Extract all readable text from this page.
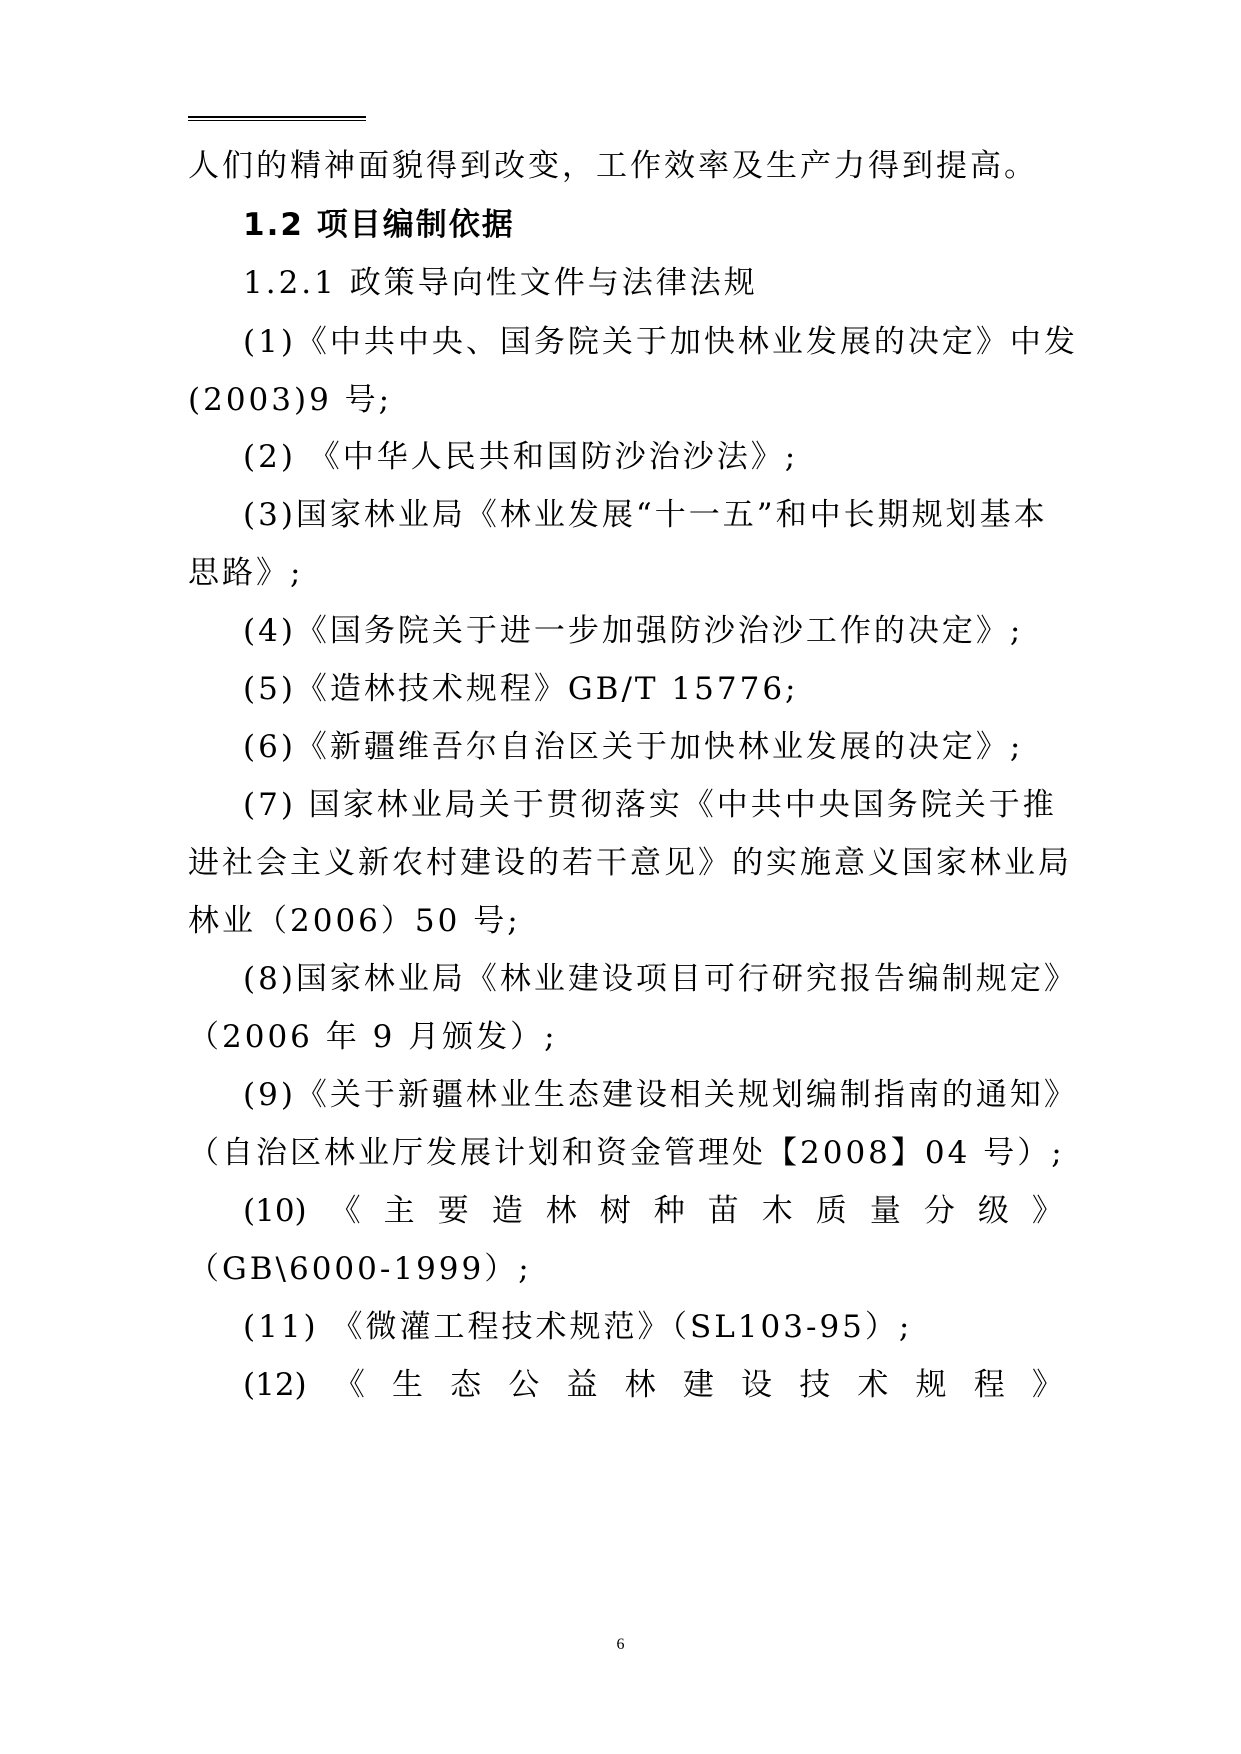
人们的精神面貌得到改变，工作效率及生产力得到提高。
1.2 项目编制依据
1.2.1 政策导向性文件与法律法规
(1)《中共中央、国务院关于加快林业发展的决定》中发
(2003)9 号;
(2) 《中华人民共和国防沙治沙法》;
(3)国家林业局《林业发展“十一五”和中长期规划基本
思路》;
(4)《国务院关于进一步加强防沙治沙工作的决定》;
(5)《造林技术规程》GB/T 15776;
(6)《新疆维吾尔自治区关于加快林业发展的决定》;
(7) 国家林业局关于贯彻落实《中共中央国务院关于推
进社会主义新农村建设的若干意见》的实施意义国家林业局
林业（2006）50 号;
(8)国家林业局《林业建设项目可行研究报告编制规定》
（2006 年 9 月颁发）;
(9)《关于新疆林业生态建设相关规划编制指南的通知》
（自治区林业厅发展计划和资金管理处【2008】04 号）;
(10) 《 主 要 造 林 树 种 苗 木 质 量 分 级 》
（GB\6000-1999）;
(11) 《微灌工程技术规范》（SL103-95）;
(12) 《 生 态 公 益 林 建 设 技 术 规 程 》
6
